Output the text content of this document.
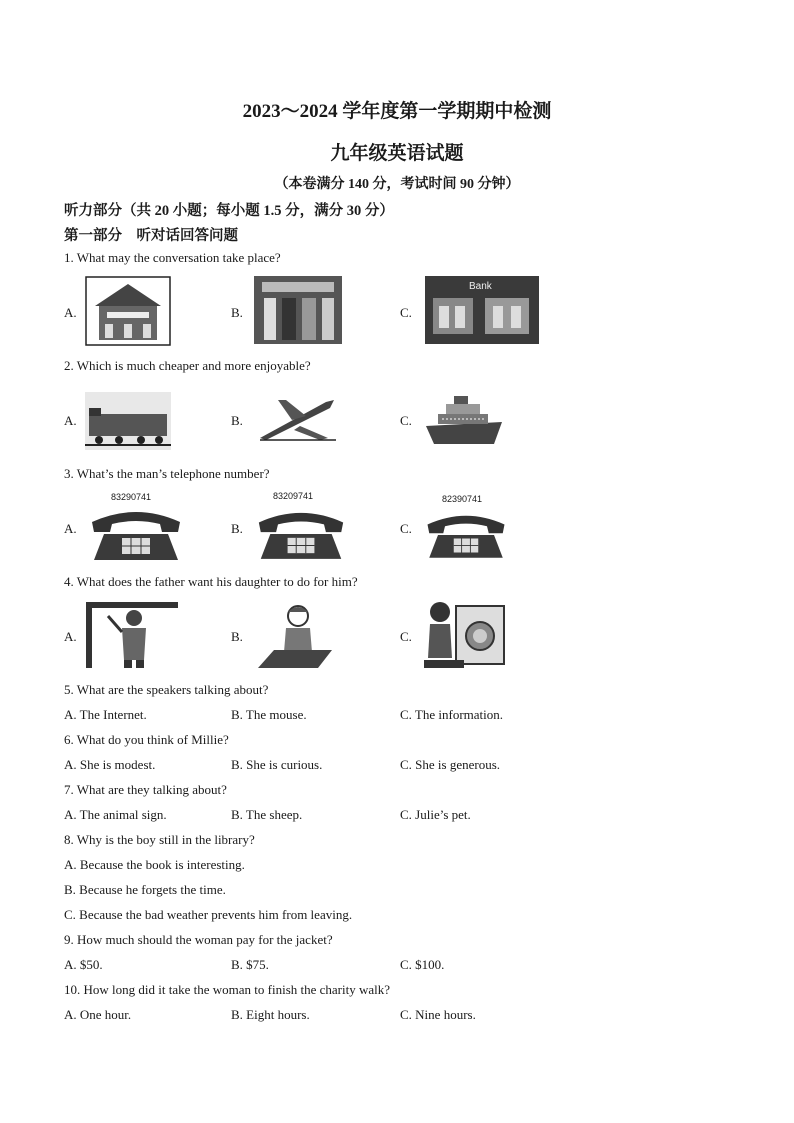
2023～2024 学年度第一学期期中检测
九年级英语试题
（本卷满分 140 分，考试时间 90 分钟）
听力部分（共 20 小题；每小题 1.5 分，满分 30 分）
第一部分　听对话回答问题
1. What may the conversation take place?
A.	B.	C.
Bank
2. Which is much cheaper and more enjoyable?
A.	B.	C.
3. What’s the man’s telephone number?
A.	B.	C.
83290741	83209741	82390741
4. What does the father want his daughter to do for him?
A.	B.	C.
5. What are the speakers talking about?
A. The Internet.	B. The mouse.	C. The information.
6. What do you think of Millie?
A. She is modest.	B. She is curious.	C. She is generous.
7. What are they talking about?
A. The animal sign.	B. The sheep.	C. Julie’s pet.
8. Why is the boy still in the library?
A. Because the book is interesting.
B. Because he forgets the time.
C. Because the bad weather prevents him from leaving.
9. How much should the woman pay for the jacket?
A. $50.	B. $75.	C. $100.
10. How long did it take the woman to finish the charity walk?
A. One hour.	B. Eight hours.	C. Nine hours.
